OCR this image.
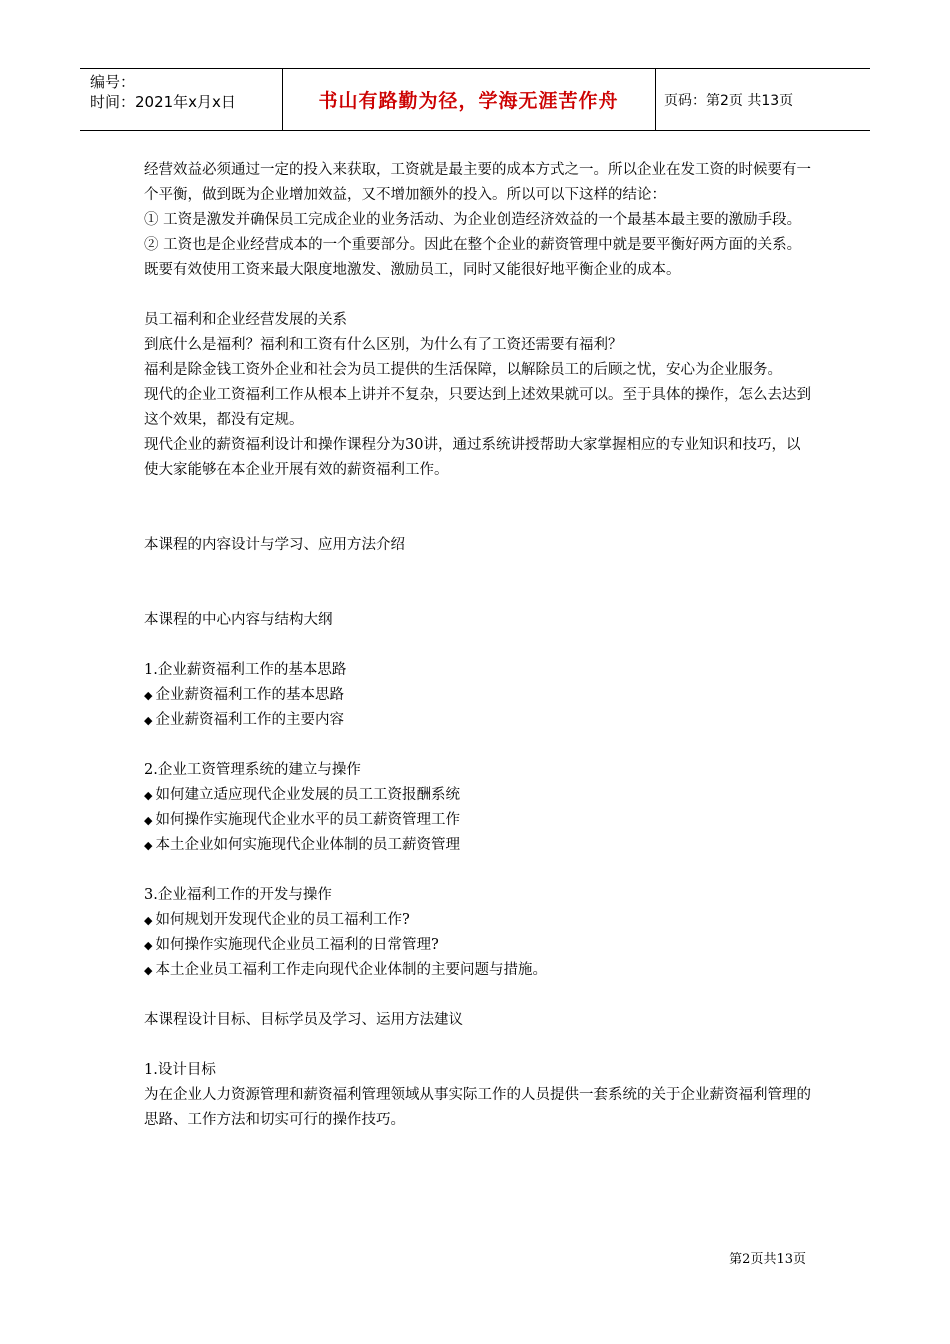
编号：
时间：2021年x月x日	书山有路勤为径，学海无涯苦作舟	页码：第2页 共13页

经营效益必须通过一定的投入来获取，工资就是最主要的成本方式之一。所以企业在发工资的时候要有一个平衡，做到既为企业增加效益，又不增加额外的投入。所以可以下这样的结论：

① 工资是激发并确保员工完成企业的业务活动、为企业创造经济效益的一个最基本最主要的激励手段。

② 工资也是企业经营成本的一个重要部分。因此在整个企业的薪资管理中就是要平衡好两方面的关系。既要有效使用工资来最大限度地激发、激励员工，同时又能很好地平衡企业的成本。

员工福利和企业经营发展的关系

到底什么是福利？福利和工资有什么区别，为什么有了工资还需要有福利？

福利是除金钱工资外企业和社会为员工提供的生活保障，以解除员工的后顾之忧，安心为企业服务。

现代的企业工资福利工作从根本上讲并不复杂，只要达到上述效果就可以。至于具体的操作，怎么去达到这个效果，都没有定规。

现代企业的薪资福利设计和操作课程分为30讲，通过系统讲授帮助大家掌握相应的专业知识和技巧，以使大家能够在本企业开展有效的薪资福利工作。

本课程的内容设计与学习、应用方法介绍

本课程的中心内容与结构大纲

1.企业薪资福利工作的基本思路

◆ 企业薪资福利工作的基本思路

◆ 企业薪资福利工作的主要内容

2.企业工资管理系统的建立与操作

◆ 如何建立适应现代企业发展的员工工资报酬系统

◆ 如何操作实施现代企业水平的员工薪资管理工作

◆ 本土企业如何实施现代企业体制的员工薪资管理

3.企业福利工作的开发与操作

◆ 如何规划开发现代企业的员工福利工作?

◆ 如何操作实施现代企业员工福利的日常管理?

◆ 本土企业员工福利工作走向现代企业体制的主要问题与措施。

本课程设计目标、目标学员及学习、运用方法建议

1.设计目标

为在企业人力资源管理和薪资福利管理领域从事实际工作的人员提供一套系统的关于企业薪资福利管理的思路、工作方法和切实可行的操作技巧。

第2页共13页
